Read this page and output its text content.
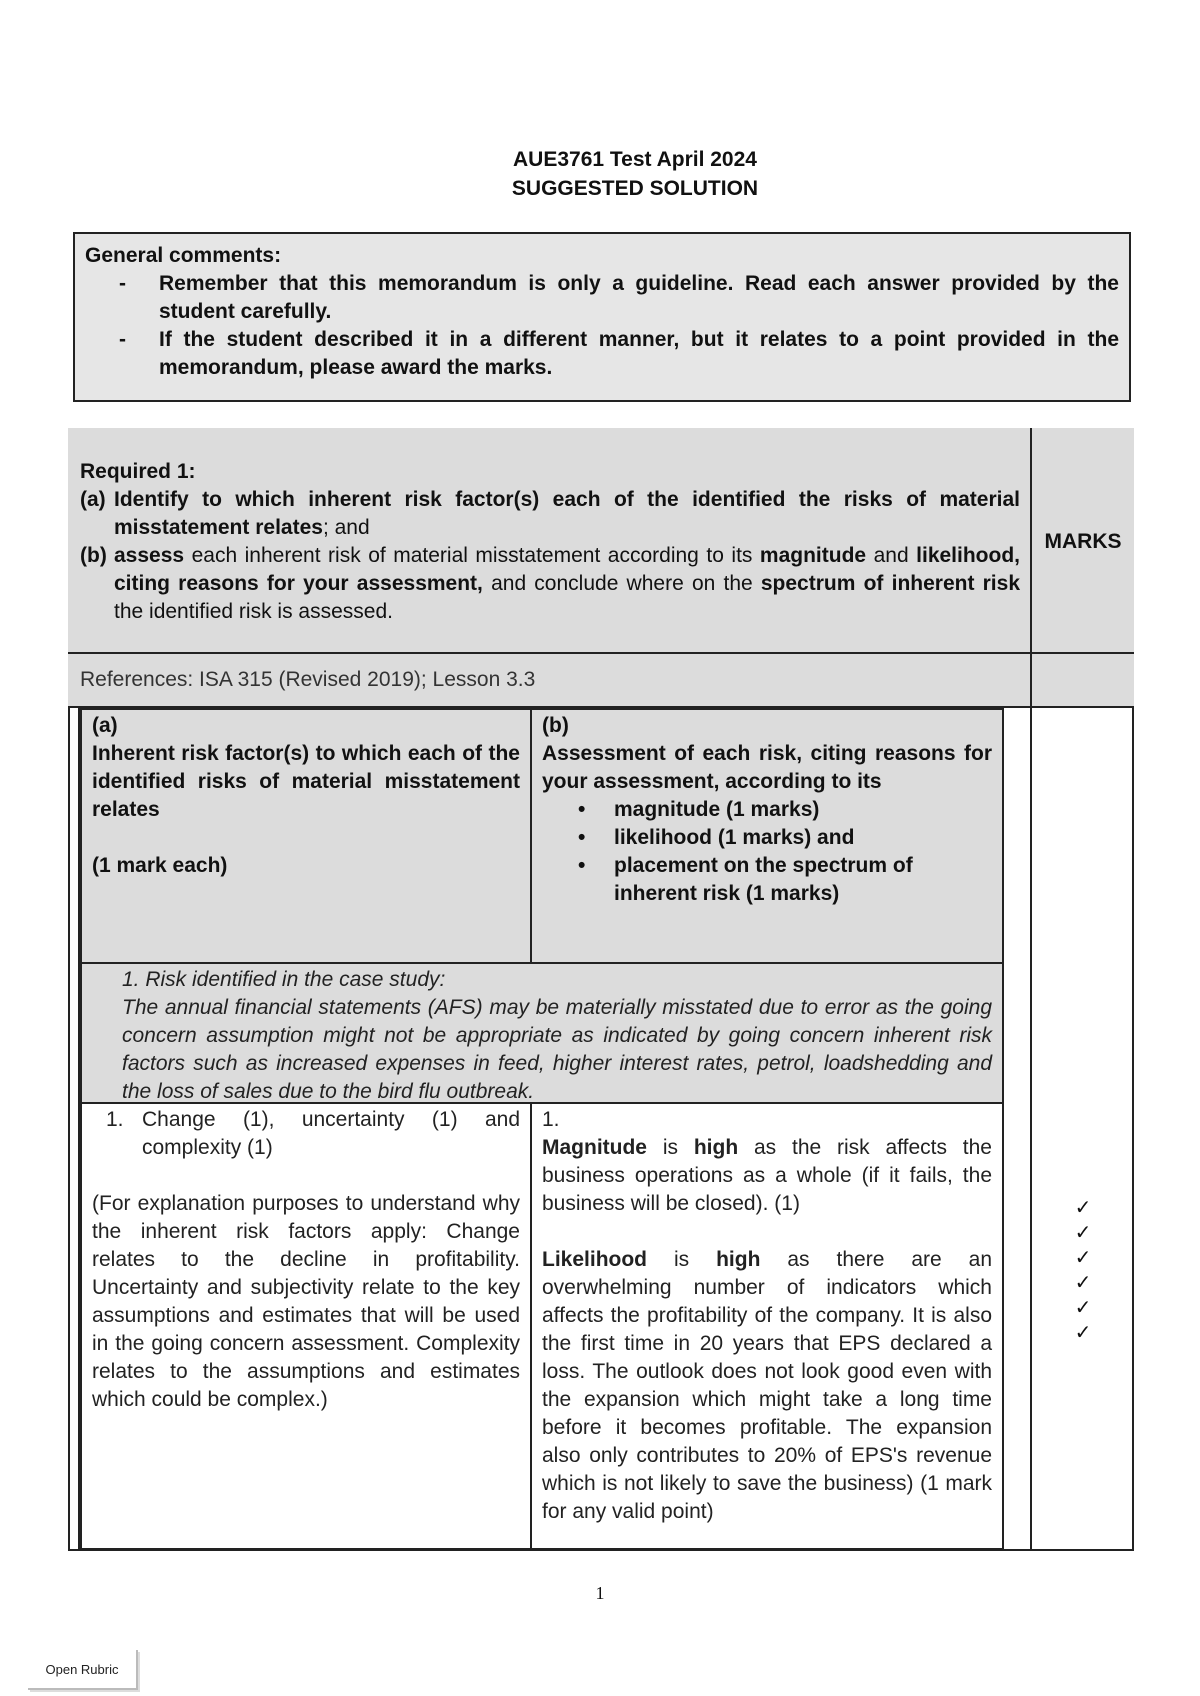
AUE3761 Test April 2024
SUGGESTED SOLUTION
General comments:
- Remember that this memorandum is only a guideline. Read each answer provided by the student carefully.
- If the student described it in a different manner, but it relates to a point provided in the memorandum, please award the marks.
Required 1:
(a) Identify to which inherent risk factor(s) each of the identified the risks of material misstatement relates; and
(b) assess each inherent risk of material misstatement according to its magnitude and likelihood, citing reasons for your assessment, and conclude where on the spectrum of inherent risk the identified risk is assessed.
MARKS
References: ISA 315 (Revised 2019); Lesson 3.3
(a)
Inherent risk factor(s) to which each of the identified risks of material misstatement relates
(1 mark each)
(b)
Assessment of each risk, citing reasons for your assessment, according to its
• magnitude (1 marks)
• likelihood (1 marks) and
• placement on the spectrum of inherent risk (1 marks)
1. Risk identified in the case study:
The annual financial statements (AFS) may be materially misstated due to error as the going concern assumption might not be appropriate as indicated by going concern inherent risk factors such as increased expenses in feed, higher interest rates, petrol, loadshedding and the loss of sales due to the bird flu outbreak.
1. Change (1), uncertainty (1) and complexity (1)
(For explanation purposes to understand why the inherent risk factors apply: Change relates to the decline in profitability. Uncertainty and subjectivity relate to the key assumptions and estimates that will be used in the going concern assessment. Complexity relates to the assumptions and estimates which could be complex.)
1.
Magnitude is high as the risk affects the business operations as a whole (if it fails, the business will be closed). (1)
Likelihood is high as there are an overwhelming number of indicators which affects the profitability of the company. It is also the first time in 20 years that EPS declared a loss. The outlook does not look good even with the expansion which might take a long time before it becomes profitable. The expansion also only contributes to 20% of EPS's revenue which is not likely to save the business) (1 mark for any valid point)
✓
✓
✓
✓
✓
✓
1
Open Rubric
